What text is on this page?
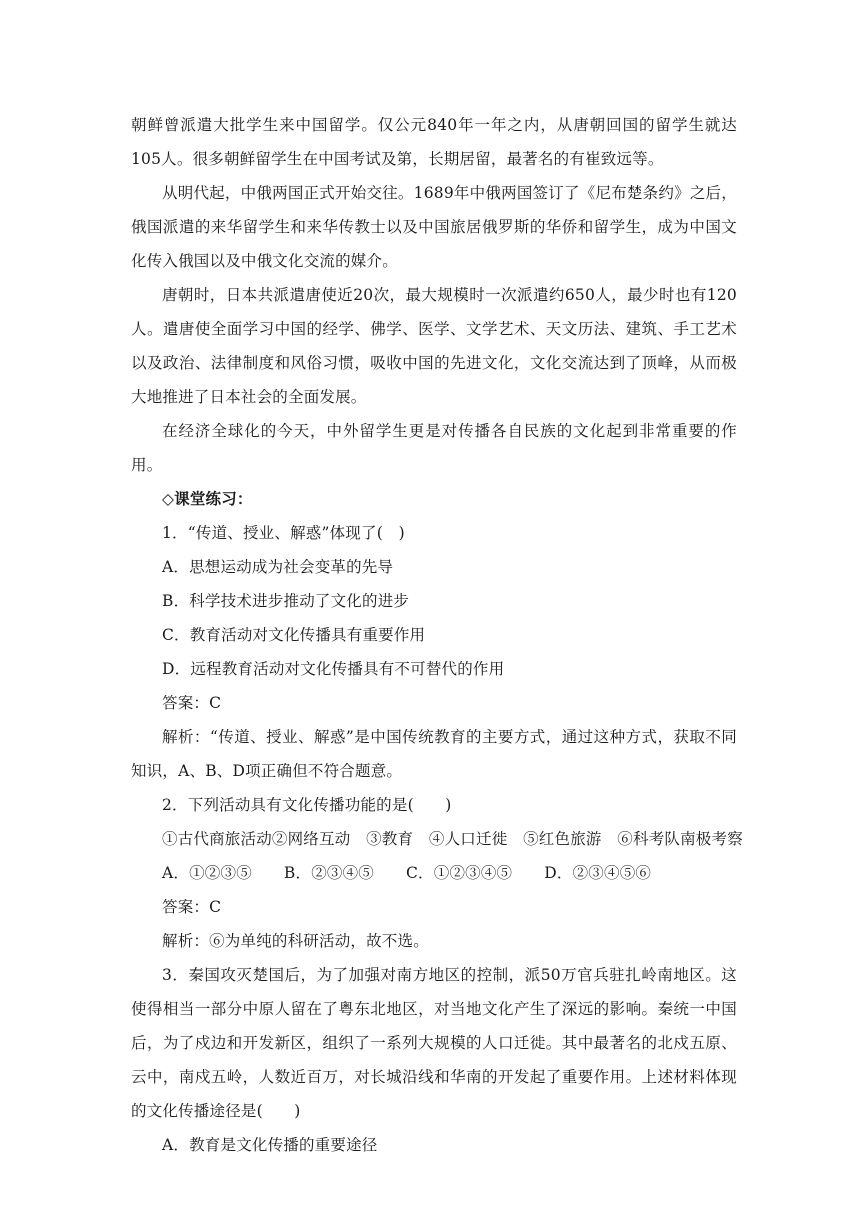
朝鲜曾派遣大批学生来中国留学。仅公元840年一年之内，从唐朝回国的留学生就达105人。很多朝鲜留学生在中国考试及第，长期居留，最著名的有崔致远等。

从明代起，中俄两国正式开始交往。1689年中俄两国签订了《尼布楚条约》之后，俄国派遣的来华留学生和来华传教士以及中国旅居俄罗斯的华侨和留学生，成为中国文化传入俄国以及中俄文化交流的媒介。

唐朝时，日本共派遣唐使近20次，最大规模时一次派遣约650人，最少时也有120人。遣唐使全面学习中国的经学、佛学、医学、文学艺术、天文历法、建筑、手工艺术以及政治、法律制度和风俗习惯，吸收中国的先进文化，文化交流达到了顶峰，从而极大地推进了日本社会的全面发展。

在经济全球化的今天，中外留学生更是对传播各自民族的文化起到非常重要的作用。

◇课堂练习：

1．“传道、授业、解惑”体现了(　)

A．思想运动成为社会变革的先导

B．科学技术进步推动了文化的进步

C．教育活动对文化传播具有重要作用

D．远程教育活动对文化传播具有不可替代的作用

答案：C

解析：“传道、授业、解惑”是中国传统教育的主要方式，通过这种方式，获取不同知识，A、B、D项正确但不符合题意。

2．下列活动具有文化传播功能的是(　　)

①古代商旅活动②网络互动　③教育　④人口迁徙　⑤红色旅游　⑥科考队南极考察

A．①②③⑤ B．②③④⑤ C．①②③④⑤ D．②③④⑤⑥

答案：C

解析：⑥为单纯的科研活动，故不选。

3．秦国攻灭楚国后，为了加强对南方地区的控制，派50万官兵驻扎岭南地区。这使得相当一部分中原人留在了粤东北地区，对当地文化产生了深远的影响。秦统一中国后，为了戍边和开发新区，组织了一系列大规模的人口迁徙。其中最著名的北戍五原、云中，南戍五岭，人数近百万，对长城沿线和华南的开发起了重要作用。上述材料体现的文化传播途径是(　　)

A．教育是文化传播的重要途径
